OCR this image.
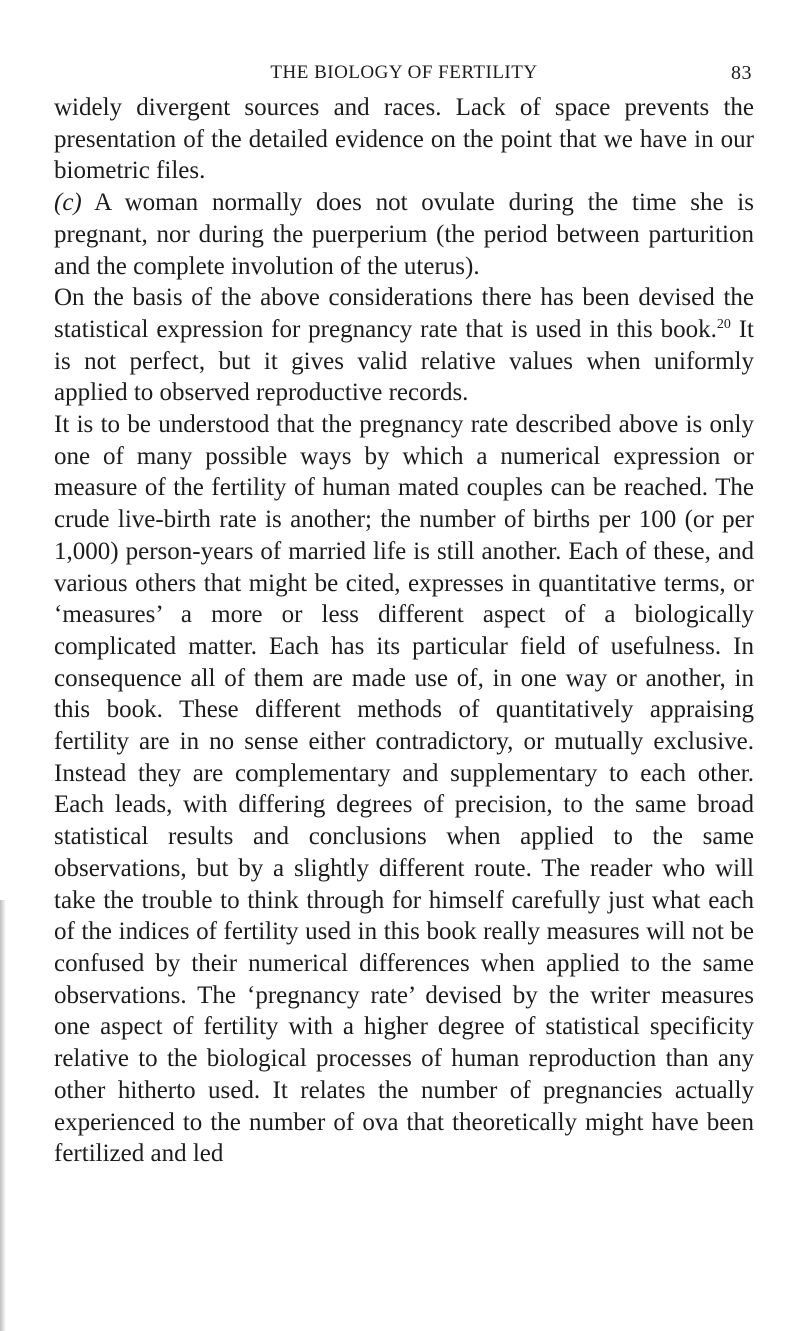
THE BIOLOGY OF FERTILITY	83

widely divergent sources and races. Lack of space prevents the presentation of the detailed evidence on the point that we have in our biometric files.

(c) A woman normally does not ovulate during the time she is pregnant, nor during the puerperium (the period between parturition and the complete involution of the uterus).

On the basis of the above considerations there has been devised the statistical expression for pregnancy rate that is used in this book.$^{20}$ It is not perfect, but it gives valid relative values when uniformly applied to observed reproductive records.

It is to be understood that the pregnancy rate described above is only one of many possible ways by which a numerical expression or measure of the fertility of human mated couples can be reached. The crude live-birth rate is another; the number of births per 100 (or per 1,000) person-years of married life is still another. Each of these, and various others that might be cited, expresses in quantitative terms, or ‘measures’ a more or less different aspect of a biologically complicated matter. Each has its particular field of usefulness. In consequence all of them are made use of, in one way or another, in this book. These different methods of quantitatively appraising fertility are in no sense either contradictory, or mutually exclusive. Instead they are complementary and supplementary to each other. Each leads, with differing degrees of precision, to the same broad statistical results and conclusions when applied to the same observations, but by a slightly different route. The reader who will take the trouble to think through for himself carefully just what each of the indices of fertility used in this book really measures will not be confused by their numerical differences when applied to the same observations. The ‘pregnancy rate’ devised by the writer measures one aspect of fertility with a higher degree of statistical specificity relative to the biological processes of human reproduction than any other hitherto used. It relates the number of pregnancies actually experienced to the number of ova that theoretically might have been fertilized and led
